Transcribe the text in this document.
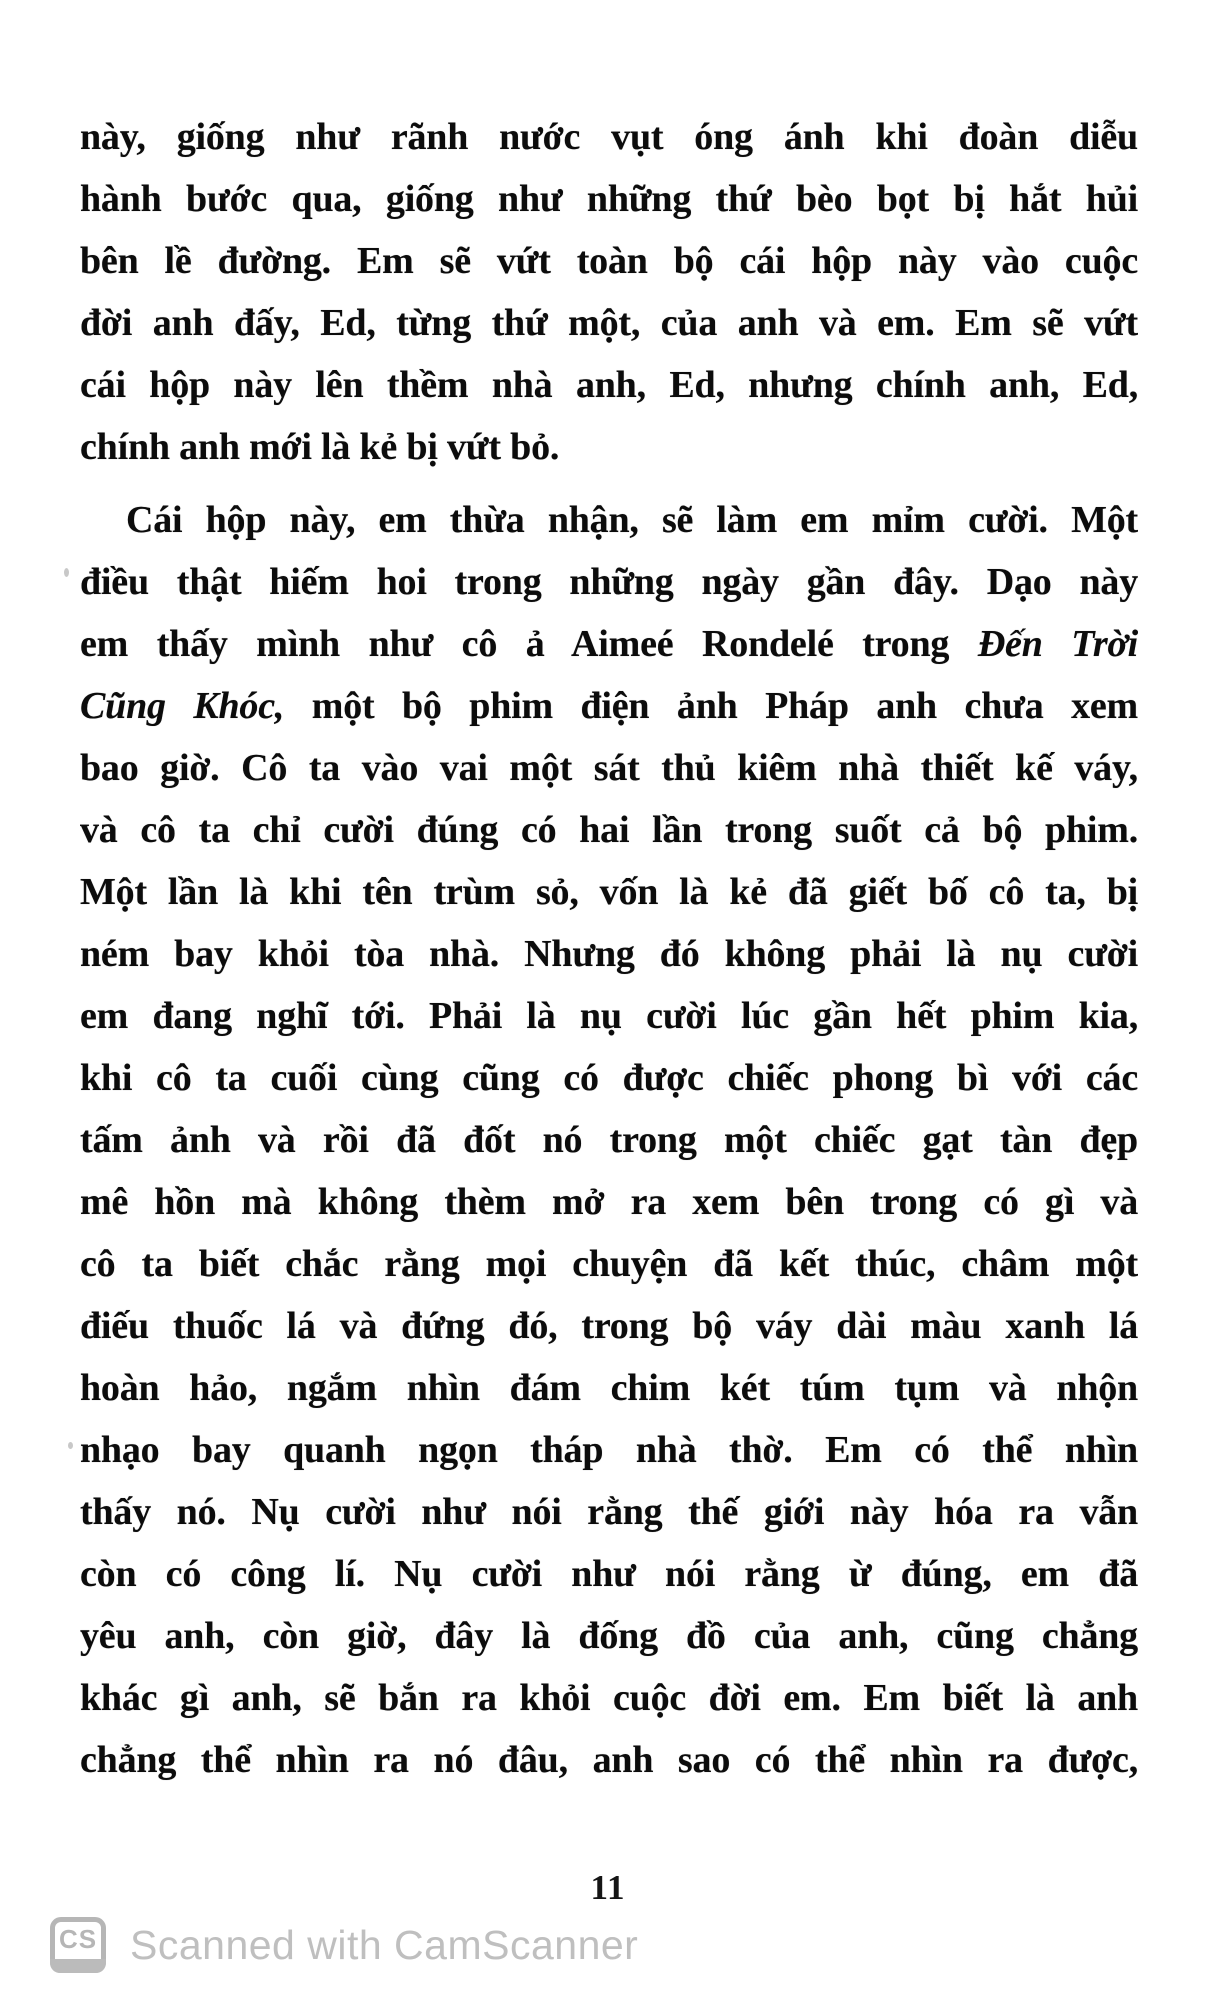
này, giống như rãnh nước vụt óng ánh khi đoàn diễu
hành bước qua, giống như những thứ bèo bọt bị hắt hủi
bên lề đường. Em sẽ vứt toàn bộ cái hộp này vào cuộc
đời anh đấy, Ed, từng thứ một, của anh và em. Em sẽ vứt
cái hộp này lên thềm nhà anh, Ed, nhưng chính anh, Ed,
chính anh mới là kẻ bị vứt bỏ.
Cái hộp này, em thừa nhận, sẽ làm em mỉm cười. Một
điều thật hiếm hoi trong những ngày gần đây. Dạo này
em thấy mình như cô ả Aimeé Rondelé trong Đến Trời
Cũng Khóc, một bộ phim điện ảnh Pháp anh chưa xem
bao giờ. Cô ta vào vai một sát thủ kiêm nhà thiết kế váy,
và cô ta chỉ cười đúng có hai lần trong suốt cả bộ phim.
Một lần là khi tên trùm sỏ, vốn là kẻ đã giết bố cô ta, bị
ném bay khỏi tòa nhà. Nhưng đó không phải là nụ cười
em đang nghĩ tới. Phải là nụ cười lúc gần hết phim kia,
khi cô ta cuối cùng cũng có được chiếc phong bì với các
tấm ảnh và rồi đã đốt nó trong một chiếc gạt tàn đẹp
mê hồn mà không thèm mở ra xem bên trong có gì và
cô ta biết chắc rằng mọi chuyện đã kết thúc, châm một
điếu thuốc lá và đứng đó, trong bộ váy dài màu xanh lá
hoàn hảo, ngắm nhìn đám chim két túm tụm và nhộn
nhạo bay quanh ngọn tháp nhà thờ. Em có thể nhìn
thấy nó. Nụ cười như nói rằng thế giới này hóa ra vẫn
còn có công lí. Nụ cười như nói rằng ừ đúng, em đã
yêu anh, còn giờ, đây là đống đồ của anh, cũng chẳng
khác gì anh, sẽ bắn ra khỏi cuộc đời em. Em biết là anh
chẳng thể nhìn ra nó đâu, anh sao có thể nhìn ra được,
11
CS Scanned with CamScanner
